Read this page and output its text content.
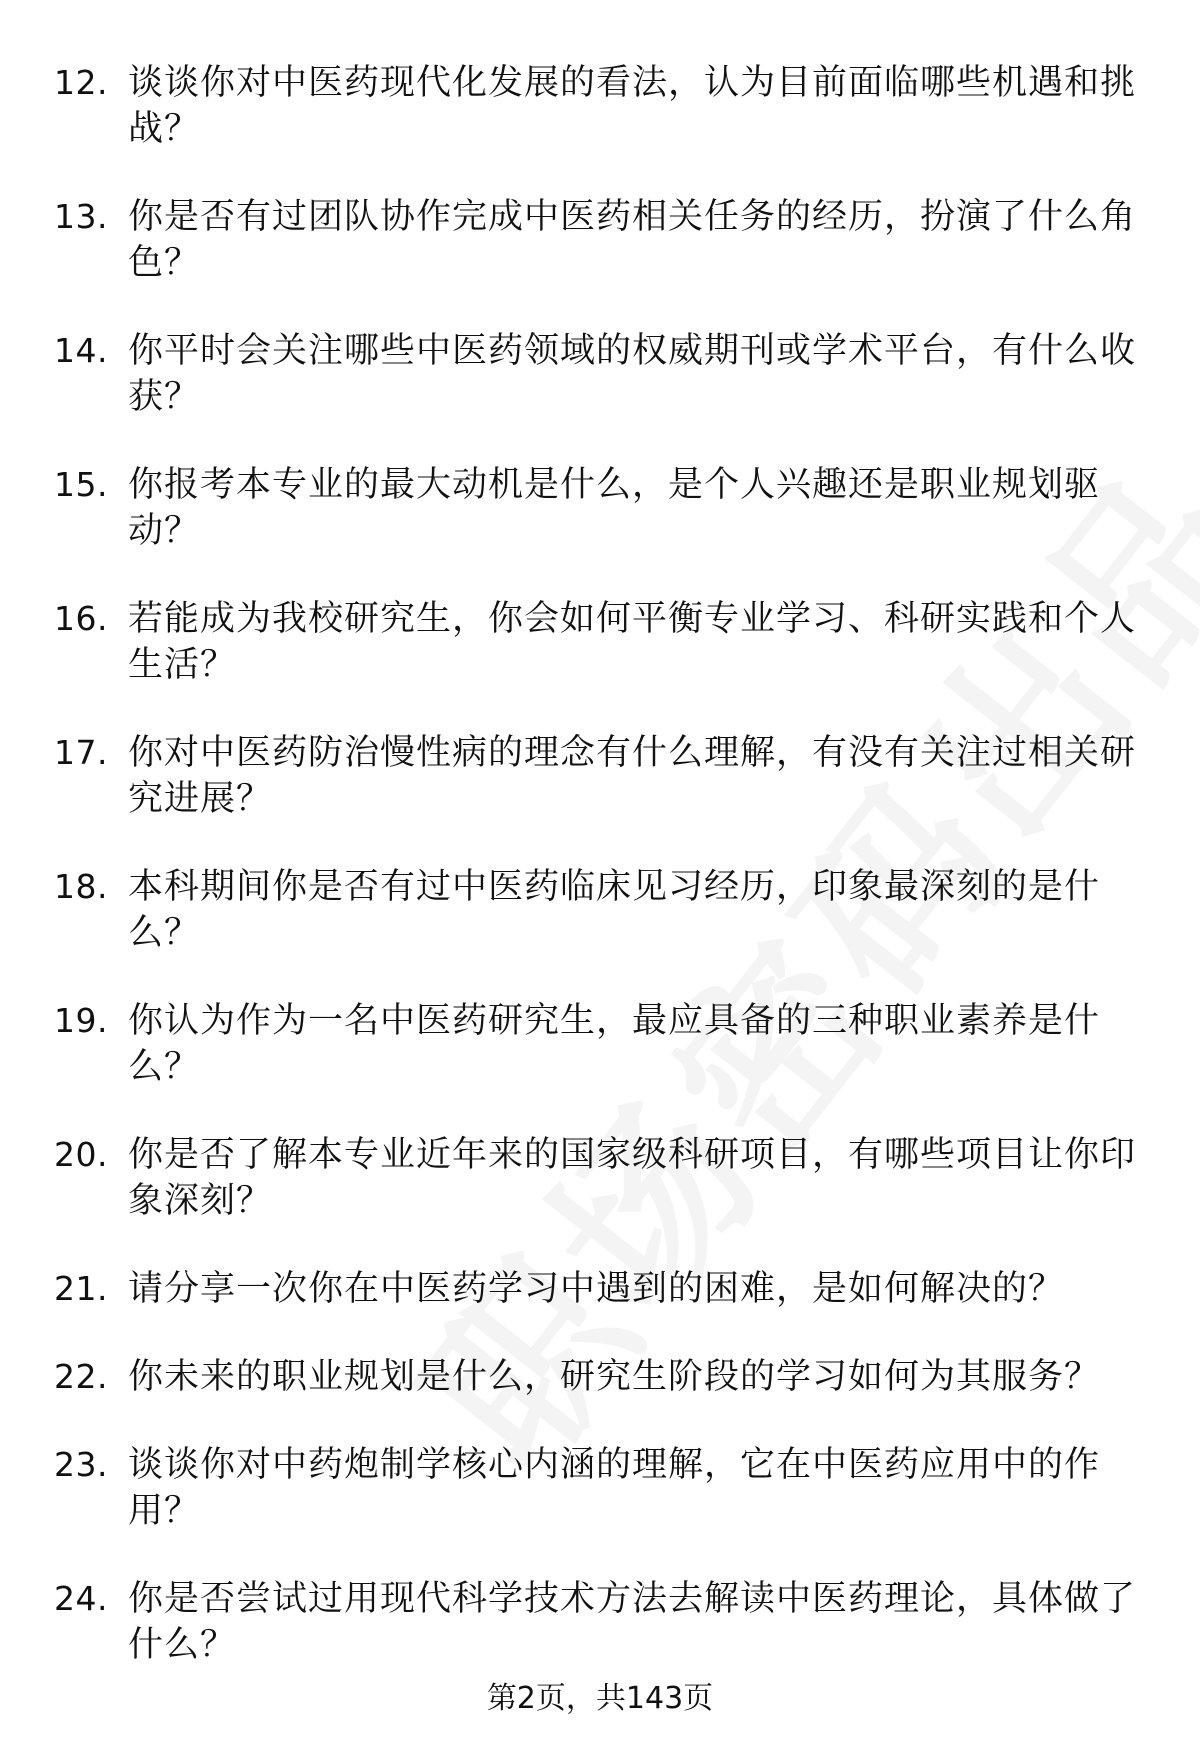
12. 谈谈你对中医药现代化发展的看法，认为目前面临哪些机遇和挑战？
13. 你是否有过团队协作完成中医药相关任务的经历，扮演了什么角色？
14. 你平时会关注哪些中医药领域的权威期刊或学术平台，有什么收获？
15. 你报考本专业的最大动机是什么，是个人兴趣还是职业规划驱动？
16. 若能成为我校研究生，你会如何平衡专业学习、科研实践和个人生活？
17. 你对中医药防治慢性病的理念有什么理解，有没有关注过相关研究进展？
18. 本科期间你是否有过中医药临床见习经历，印象最深刻的是什么？
19. 你认为作为一名中医药研究生，最应具备的三种职业素养是什么？
20. 你是否了解本专业近年来的国家级科研项目，有哪些项目让你印象深刻？
21. 请分享一次你在中医药学习中遇到的困难，是如何解决的？
22. 你未来的职业规划是什么，研究生阶段的学习如何为其服务？
23. 谈谈你对中药炮制学核心内涵的理解，它在中医药应用中的作用？
24. 你是否尝试过用现代科学技术方法去解读中医药理论，具体做了什么？
第2页，共143页
